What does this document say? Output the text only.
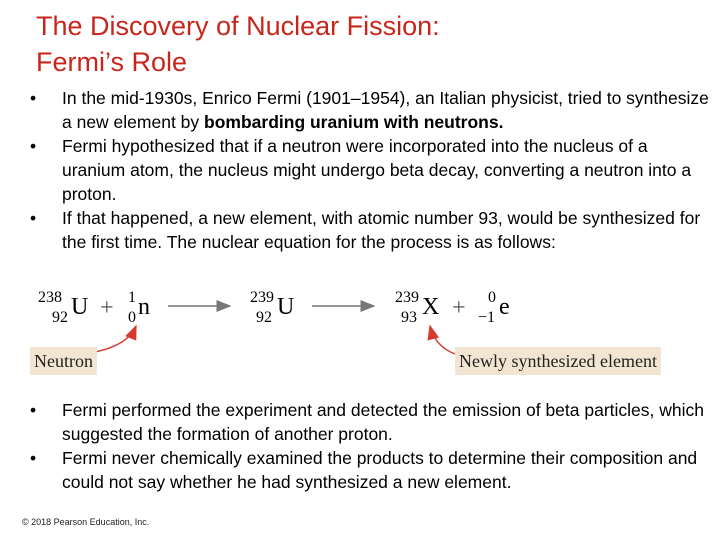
The Discovery of Nuclear Fission:
Fermi’s Role
• In the mid-1930s, Enrico Fermi (1901–1954), an Italian physicist, tried to synthesize a new element by bombarding uranium with neutrons.
• Fermi hypothesized that if a neutron were incorporated into the nucleus of a uranium atom, the nucleus might undergo beta decay, converting a neutron into a proton.
• If that happened, a new element, with atomic number 93, would be synthesized for the first time. The nuclear equation for the process is as follows:
238
92 U + 1
0 n	239
92 U	239
93 X + 0
−1 e
Neutron	Newly synthesized element
• Fermi performed the experiment and detected the emission of beta particles, which suggested the formation of another proton.
• Fermi never chemically examined the products to determine their composition and could not say whether he had synthesized a new element.
© 2018 Pearson Education, Inc.
